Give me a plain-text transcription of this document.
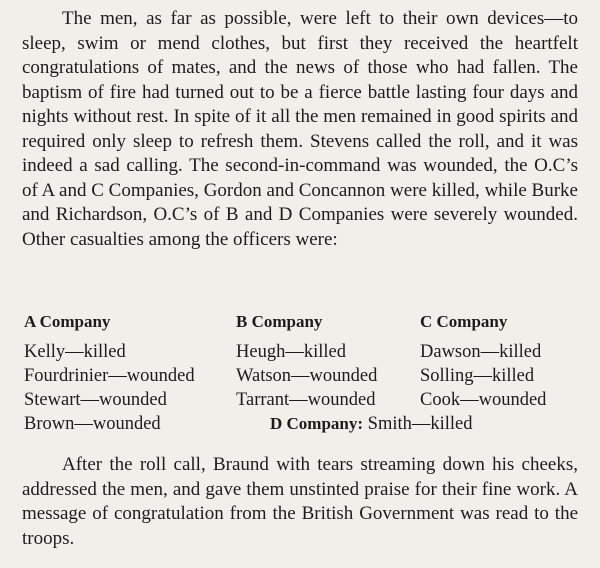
The men, as far as possible, were left to their own devices—to sleep, swim or mend clothes, but first they received the heartfelt congratulations of mates, and the news of those who had fallen. The baptism of fire had turned out to be a fierce battle lasting four days and nights without rest. In spite of it all the men remained in good spirits and required only sleep to refresh them. Stevens called the roll, and it was indeed a sad calling. The second-in-command was wounded, the O.C’s of A and C Companies, Gordon and Concannon were killed, while Burke and Richardson, O.C’s of B and D Companies were severely wounded. Other casualties among the officers were:

A Company	B Company	C Company
Kelly—killed
Fourdrinier—wounded
Stewart—wounded
Brown—wounded
Heugh—killed
Watson—wounded
Tarrant—wounded
Dawson—killed
Solling—killed
Cook—wounded
D Company: Smith—killed

After the roll call, Braund with tears streaming down his cheeks, addressed the men, and gave them unstinted praise for their fine work. A message of congratulation from the British Government was read to the troops.
